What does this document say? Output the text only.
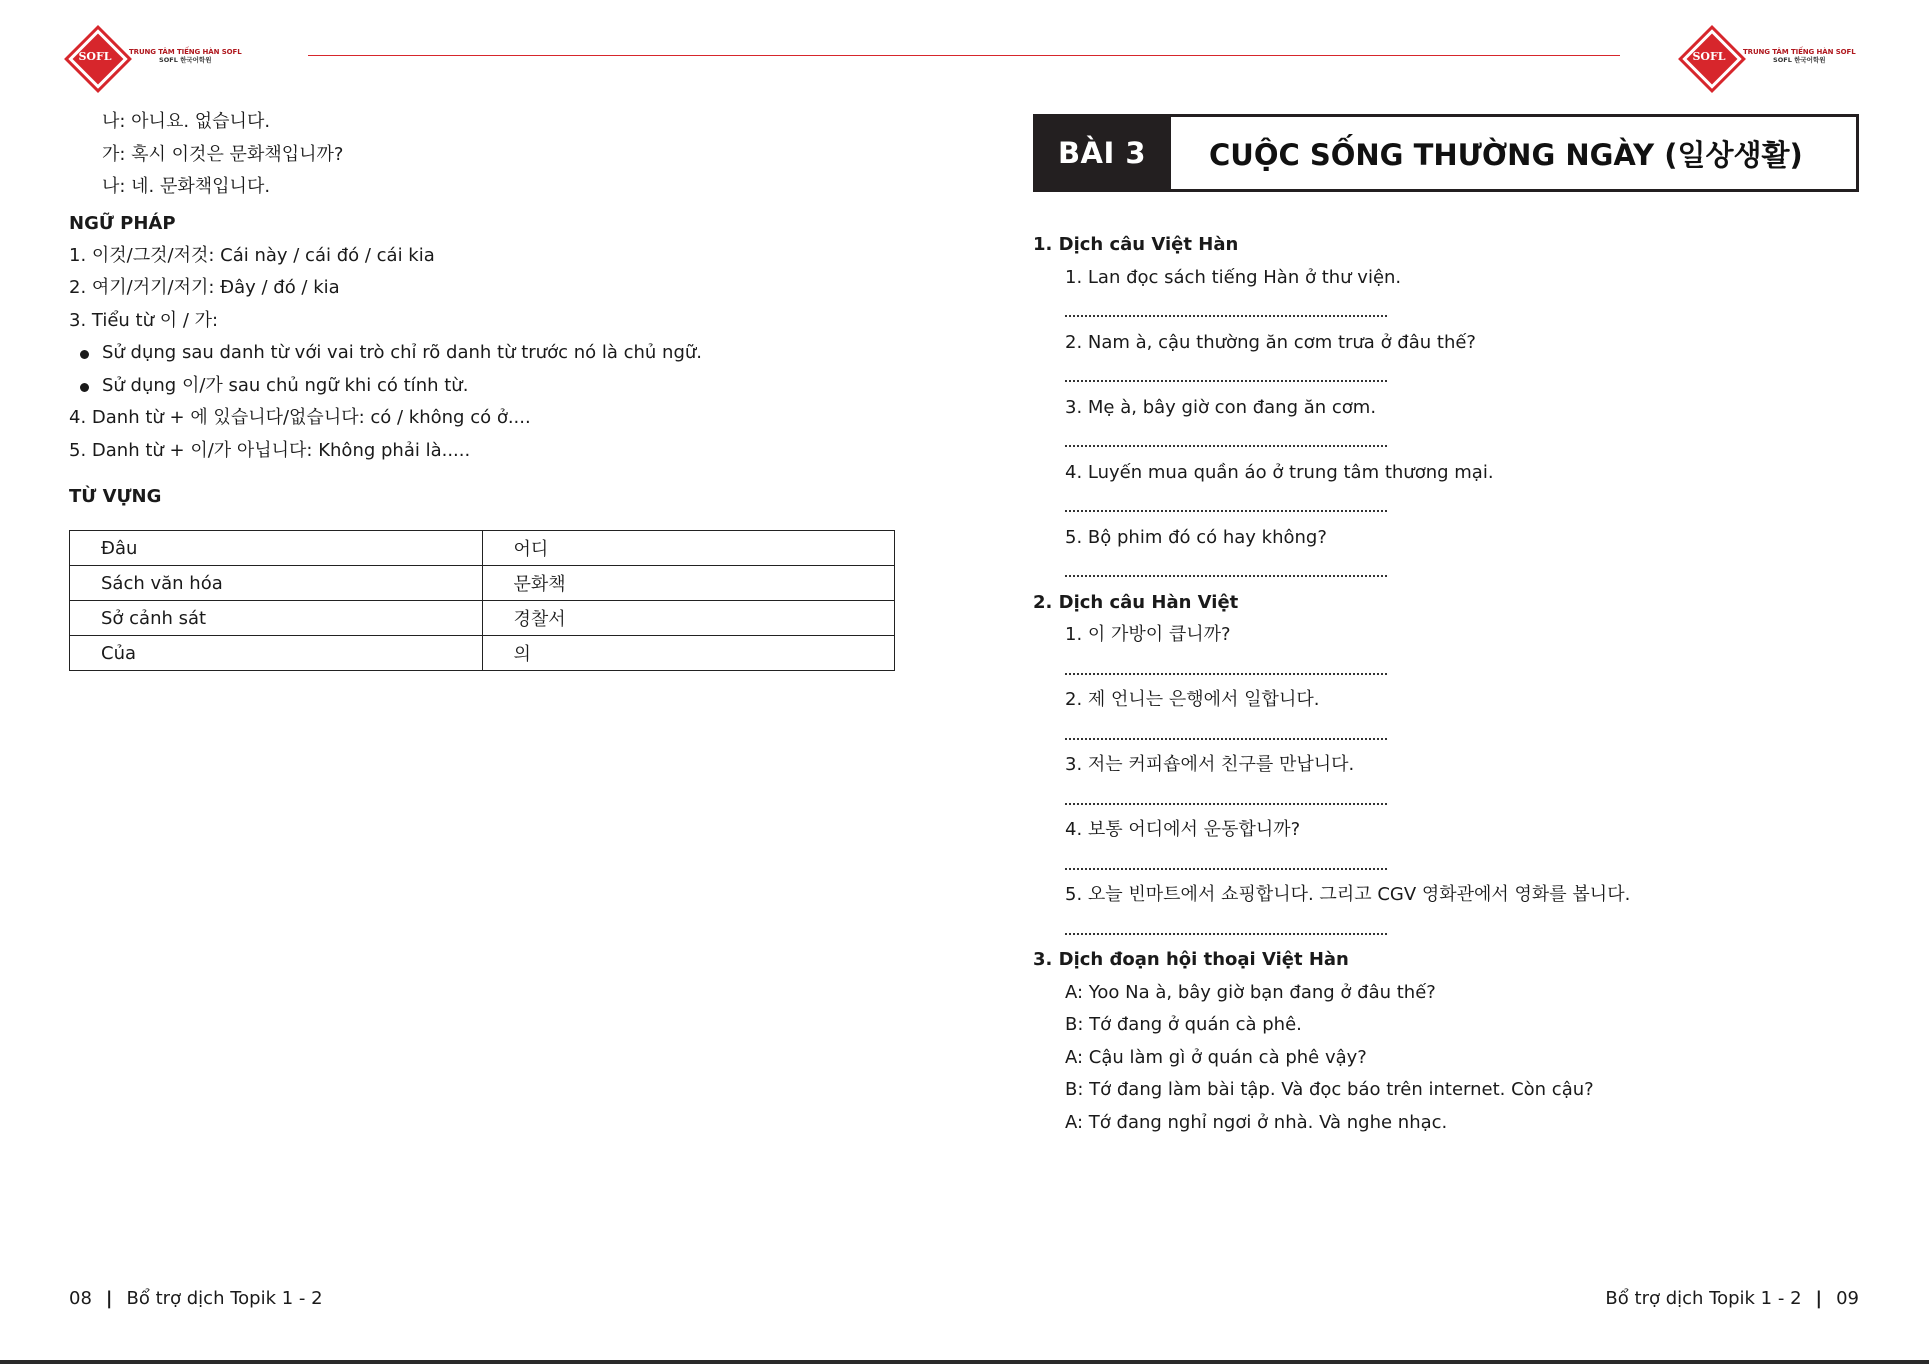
SOFL	TRUNG TÂM TIẾNG HÀN SOFL
SOFL 한국어학원	SOFL	TRUNG TÂM TIẾNG HÀN SOFL
SOFL 한국어학원
나: 아니요. 없습니다.
가: 혹시 이것은 문화책입니까?
나: 네. 문화책입니다.
NGỮ PHÁP
1. 이것/그것/저것: Cái này / cái đó / cái kia
2. 여기/거기/저기: Đây / đó / kia
3. Tiểu từ 이 / 가:
Sử dụng sau danh từ với vai trò chỉ rõ danh từ trước nó là chủ ngữ.
Sử dụng 이/가 sau chủ ngữ khi có tính từ.
4. Danh từ + 에 있습니다/없습니다: có / không có ở....
5. Danh từ + 이/가 아닙니다: Không phải là.....
TỪ VỰNG
Đâu	어디
Sách văn hóa	문화책
Sở cảnh sát	경찰서
Của	의
BÀI 3	CUỘC SỐNG THƯỜNG NGÀY (일상생활)
1. Dịch câu Việt Hàn
1. Lan đọc sách tiếng Hàn ở thư viện.
2. Nam à, cậu thường ăn cơm trưa ở đâu thế?
3. Mẹ à, bây giờ con đang ăn cơm.
4. Luyến mua quần áo ở trung tâm thương mại.
5. Bộ phim đó có hay không?
2. Dịch câu Hàn Việt
1. 이 가방이 큽니까?
2. 제 언니는 은행에서 일합니다.
3. 저는 커피숍에서 친구를 만납니다.
4. 보통 어디에서 운동합니까?
5. 오늘 빈마트에서 쇼핑합니다. 그리고 CGV 영화관에서 영화를 봅니다.
3. Dịch đoạn hội thoại Việt Hàn
A: Yoo Na à, bây giờ bạn đang ở đâu thế?
B: Tớ đang ở quán cà phê.
A: Cậu làm gì ở quán cà phê vậy?
B: Tớ đang làm bài tập. Và đọc báo trên internet. Còn cậu?
A: Tớ đang nghỉ ngơi ở nhà. Và nghe nhạc.
08 | Bổ trợ dịch Topik 1 - 2	Bổ trợ dịch Topik 1 - 2 | 09
